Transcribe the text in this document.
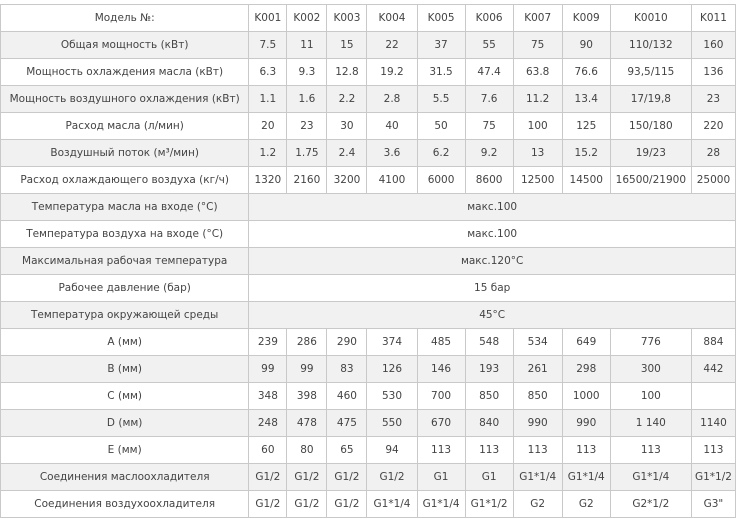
Модель №:	K001	K002	K003	K004	K005	K006	K007	K009	K0010	K011
Общая мощность (кВт)	7.5	11	15	22	37	55	75	90	110/132	160
Мощность охлаждения масла (кВт)	6.3	9.3	12.8	19.2	31.5	47.4	63.8	76.6	93,5/115	136
Мощность воздушного охлаждения (кВт)	1.1	1.6	2.2	2.8	5.5	7.6	11.2	13.4	17/19,8	23
Расход масла (л/мин)	20	23	30	40	50	75	100	125	150/180	220
Воздушный поток (м³/мин)	1.2	1.75	2.4	3.6	6.2	9.2	13	15.2	19/23	28
Расход охлаждающего воздуха (кг/ч)	1320	2160	3200	4100	6000	8600	12500	14500	16500/21900	25000
Температура масла на входе (°C)	макс.100									
Температура воздуха на входе (°C)	макс.100									
Максимальная рабочая температура	макс.120°C									
Рабочее давление (бар)	15 бар									
Температура окружающей среды	45°C									
A (мм)	239	286	290	374	485	548	534	649	776	884
B (мм)	99	99	83	126	146	193	261	298	300	442
C (мм)	348	398	460	530	700	850	850	1000	100	
D (мм)	248	478	475	550	670	840	990	990	1 140	1140
E (мм)	60	80	65	94	113	113	113	113	113	113
Соединения маслоохладителя	G1/2	G1/2	G1/2	G1/2	G1	G1	G1*1/4	G1*1/4	G1*1/4	G1*1/2
Соединения воздухоохладителя	G1/2	G1/2	G1/2	G1*1/4	G1*1/4	G1*1/2	G2	G2	G2*1/2	G3"
